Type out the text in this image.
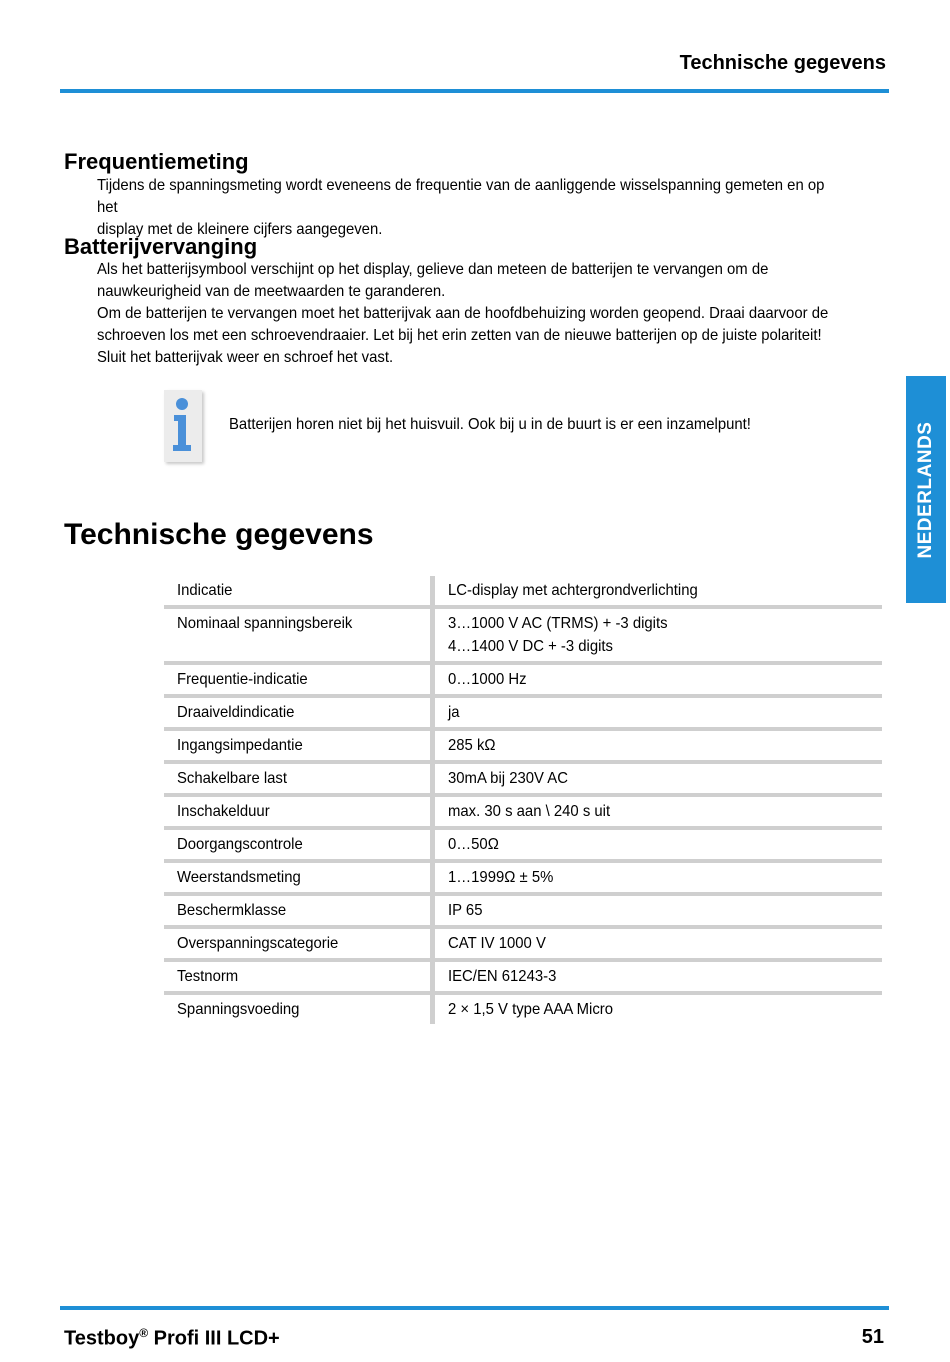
Technische gegevens
NEDERLANDS
Frequentiemeting

Tijdens de spanningsmeting wordt eveneens de frequentie van de aanliggende wisselspanning gemeten en op het

display met de kleinere cijfers aangegeven.

Batterijvervanging

Als het batterijsymbool verschijnt op het display, gelieve dan meteen de batterijen te vervangen om de

nauwkeurigheid van de meetwaarden te garanderen.

Om de batterijen te vervangen moet het batterijvak aan de hoofdbehuizing worden geopend. Draai daarvoor de

schroeven los met een schroevendraaier. Let bij het erin zetten van de nieuwe batterijen op de juiste polariteit!

Sluit het batterijvak weer en schroef het vast.

Batterijen horen niet bij het huisvuil. Ook bij u in de buurt is er een inzamelpunt!
Technische gegevens
Indicatie	LC-display met achtergrondverlichting

Nominaal spanningsbereik	3…1000 V AC (TRMS) + -3 digits
4…1400 V DC + -3 digits

Frequentie-indicatie	0…1000 Hz

Draaiveldindicatie	ja

Ingangsimpedantie	285 kΩ

Schakelbare last	30mA bij 230V AC

Inschakelduur	max. 30 s aan \ 240 s uit

Doorgangscontrole	0…50Ω

Weerstandsmeting	1…1999Ω ± 5%

Beschermklasse	IP 65

Overspanningscategorie	CAT IV 1000 V

Testnorm	IEC/EN 61243-3

Spanningsvoeding	2 × 1,5 V type AAA Micro
Testboy® Profi III LCD+	51
